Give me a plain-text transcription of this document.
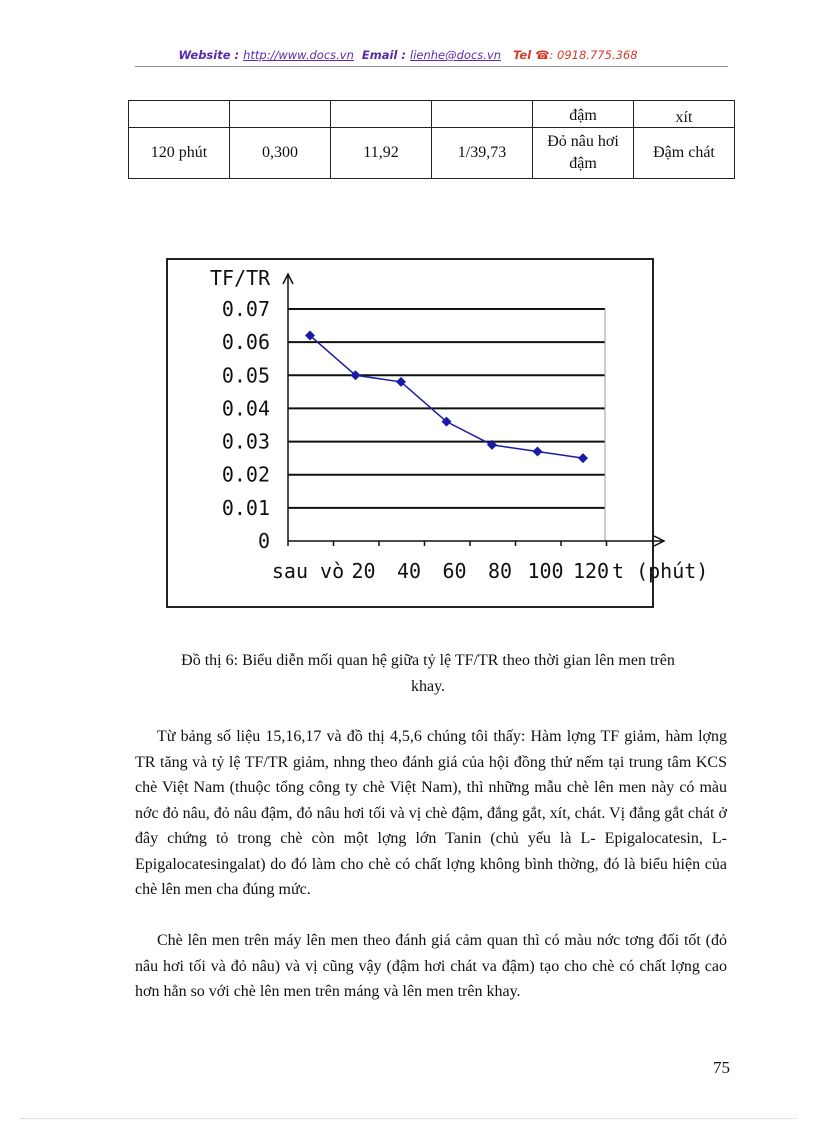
Website : http://www.docs.vn Email : lienhe@docs.vn Tel ☎: 0918.775.368
				đậm	xít
120 phút	0,300	11,92	1/39,73	Đỏ nâu hơi đậm	Đậm chát
0
0.01
0.02
0.03
0.04
0.05
0.06
0.07
TF/TR
sau vò 20 40 60 80 100 120 t (phút)
Đồ thị 6: Biểu diễn mối quan hệ giữa tỷ lệ TF/TR theo thời gian lên men trên
khay.

Từ bảng số liệu 15,16,17 và đồ thị 4,5,6 chúng tôi thấy: Hàm lợng TF giảm, hàm lợng TR tăng và tỷ lệ TF/TR giảm, nhng theo đánh giá của hội đồng thử nếm tại trung tâm KCS chè Việt Nam (thuộc tổng công ty chè Việt Nam), thì những mẫu chè lên men này có màu nớc đỏ nâu, đỏ nâu đậm, đỏ nâu hơi tối và vị chè đậm, đắng gắt, xít, chát. Vị đắng gắt chát ở đây chứng tỏ trong chè còn một lợng lớn Tanin (chủ yếu là L- Epigalocatesin, L- Epigalocatesingalat) do đó làm cho chè có chất lợng không bình thờng, đó là biểu hiện của chè lên men cha đúng mức.

Chè lên men trên máy lên men theo đánh giá cảm quan thì có màu nớc tơng đối tốt (đỏ nâu hơi tối và đỏ nâu) và vị cũng vậy (đậm hơi chát va đậm) tạo cho chè có chất lợng cao hơn hẳn so với chè lên men trên máng và lên men trên khay.

75
